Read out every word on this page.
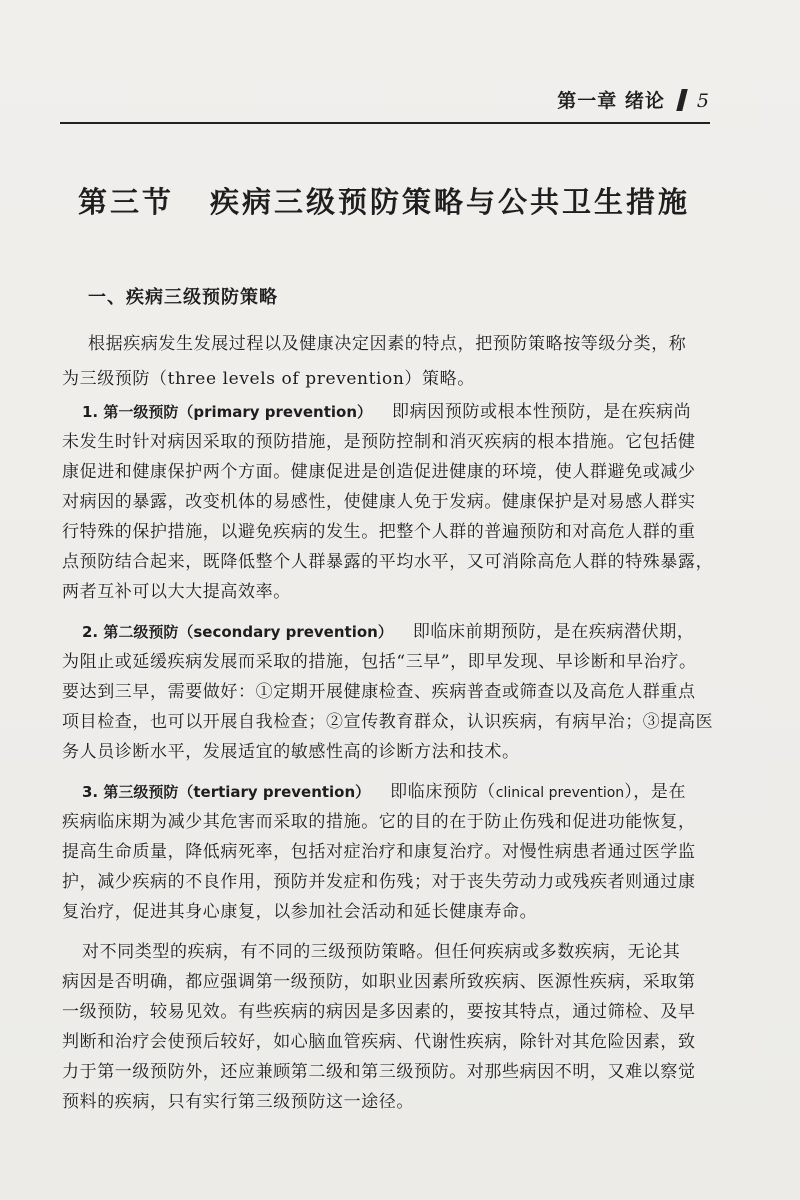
第一章 绪论 5
第三节 疾病三级预防策略与公共卫生措施
一、疾病三级预防策略
根据疾病发生发展过程以及健康决定因素的特点，把预防策略按等级分类，称
为三级预防（three levels of prevention）策略。
1. 第一级预防（primary prevention） 即病因预防或根本性预防，是在疾病尚
未发生时针对病因采取的预防措施，是预防控制和消灭疾病的根本措施。它包括健
康促进和健康保护两个方面。健康促进是创造促进健康的环境，使人群避免或减少
对病因的暴露，改变机体的易感性，使健康人免于发病。健康保护是对易感人群实
行特殊的保护措施，以避免疾病的发生。把整个人群的普遍预防和对高危人群的重
点预防结合起来，既降低整个人群暴露的平均水平，又可消除高危人群的特殊暴露，
两者互补可以大大提高效率。
2. 第二级预防（secondary prevention） 即临床前期预防，是在疾病潜伏期，
为阻止或延缓疾病发展而采取的措施，包括“三早”，即早发现、早诊断和早治疗。
要达到三早，需要做好：①定期开展健康检查、疾病普查或筛查以及高危人群重点
项目检查，也可以开展自我检查；②宣传教育群众，认识疾病，有病早治；③提高医
务人员诊断水平，发展适宜的敏感性高的诊断方法和技术。
3. 第三级预防（tertiary prevention） 即临床预防（clinical prevention），是在
疾病临床期为减少其危害而采取的措施。它的目的在于防止伤残和促进功能恢复，
提高生命质量，降低病死率，包括对症治疗和康复治疗。对慢性病患者通过医学监
护，减少疾病的不良作用，预防并发症和伤残；对于丧失劳动力或残疾者则通过康
复治疗，促进其身心康复，以参加社会活动和延长健康寿命。
对不同类型的疾病，有不同的三级预防策略。但任何疾病或多数疾病，无论其
病因是否明确，都应强调第一级预防，如职业因素所致疾病、医源性疾病，采取第
一级预防，较易见效。有些疾病的病因是多因素的，要按其特点，通过筛检、及早
判断和治疗会使预后较好，如心脑血管疾病、代谢性疾病，除针对其危险因素，致
力于第一级预防外，还应兼顾第二级和第三级预防。对那些病因不明，又难以察觉
预料的疾病，只有实行第三级预防这一途径。
